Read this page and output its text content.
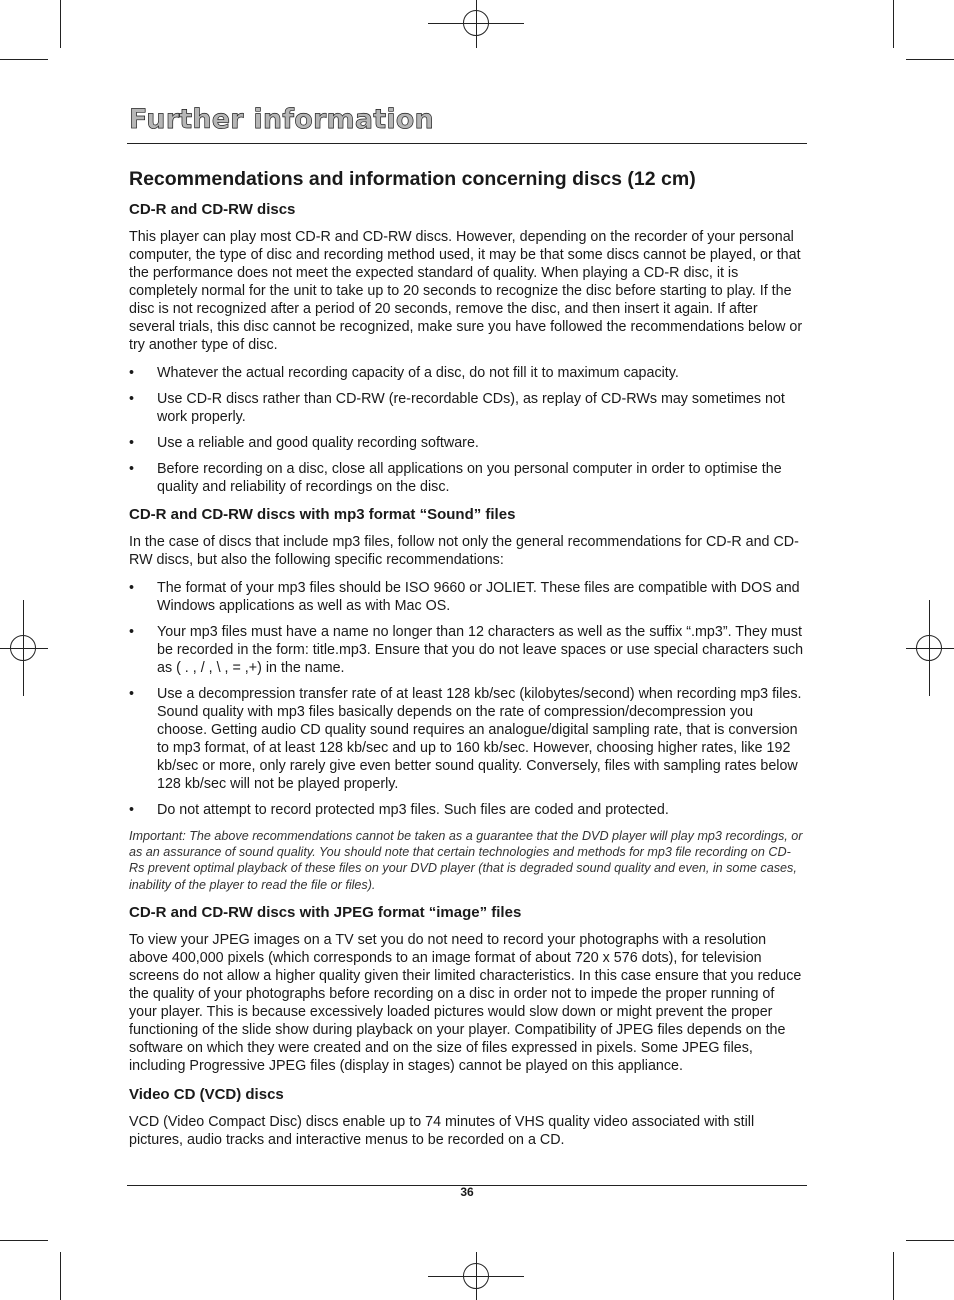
Further information
Recommendations and information concerning discs (12 cm)
CD-R and CD-RW discs

This player can play most CD-R and CD-RW discs. However, depending on the recorder of your personal computer, the type of disc and recording method used, it may be that some discs cannot be played, or that the performance does not meet the expected standard of quality. When playing a CD-R disc, it is completely normal for the unit to take up to 20 seconds to recognize the disc before starting to play. If the disc is not recognized after a period of 20 seconds, remove the disc, and then insert it again. If after several trials, this disc cannot be recognized, make sure you have followed the recommendations below or try another type of disc.

• Whatever the actual recording capacity of a disc, do not fill it to maximum capacity.
• Use CD-R discs rather than CD-RW (re-recordable CDs), as replay of CD-RWs may sometimes not work properly.
• Use a reliable and good quality recording software.
• Before recording on a disc, close all applications on you personal computer in order to optimise the quality and reliability of recordings on the disc.
CD-R and CD-RW discs with mp3 format “Sound” files

In the case of discs that include mp3 files, follow not only the general recommendations for CD-R and CD-RW discs, but also the following specific recommendations:

• The format of your mp3 files should be ISO 9660 or JOLIET. These files are compatible with DOS and Windows applications as well as with Mac OS.
• Your mp3 files must have a name no longer than 12 characters as well as the suffix “.mp3”. They must be recorded in the form: title.mp3. Ensure that you do not leave spaces or use special characters such as ( . , / , \ , = ,+) in the name.
• Use a decompression transfer rate of at least 128 kb/sec (kilobytes/second) when recording mp3 files. Sound quality with mp3 files basically depends on the rate of compression/decompression you choose. Getting audio CD quality sound requires an analogue/digital sampling rate, that is conversion to mp3 format, of at least 128 kb/sec and up to 160 kb/sec. However, choosing higher rates, like 192 kb/sec or more, only rarely give even better sound quality. Conversely, files with sampling rates below 128 kb/sec will not be played properly.
• Do not attempt to record protected mp3 files. Such files are coded and protected.

Important: The above recommendations cannot be taken as a guarantee that the DVD player will play mp3 recordings, or as an assurance of sound quality. You should note that certain technologies and methods for mp3 file recording on CD-Rs prevent optimal playback of these files on your DVD player (that is degraded sound quality and even, in some cases, inability of the player to read the file or files).

CD-R and CD-RW discs with JPEG format “image” files

To view your JPEG images on a TV set you do not need to record your photographs with a resolution above 400,000 pixels (which corresponds to an image format of about 720 x 576 dots), for television screens do not allow a higher quality given their limited characteristics. In this case ensure that you reduce the quality of your photographs before recording on a disc in order not to impede the proper running of your player. This is because excessively loaded pictures would slow down or might prevent the proper functioning of the slide show during playback on your player. Compatibility of JPEG files depends on the software on which they were created and on the size of files expressed in pixels. Some JPEG files, including Progressive JPEG files (display in stages) cannot be played on this appliance.

Video CD (VCD) discs

VCD (Video Compact Disc) discs enable up to 74 minutes of VHS quality video associated with still pictures, audio tracks and interactive menus to be recorded on a CD.

36
